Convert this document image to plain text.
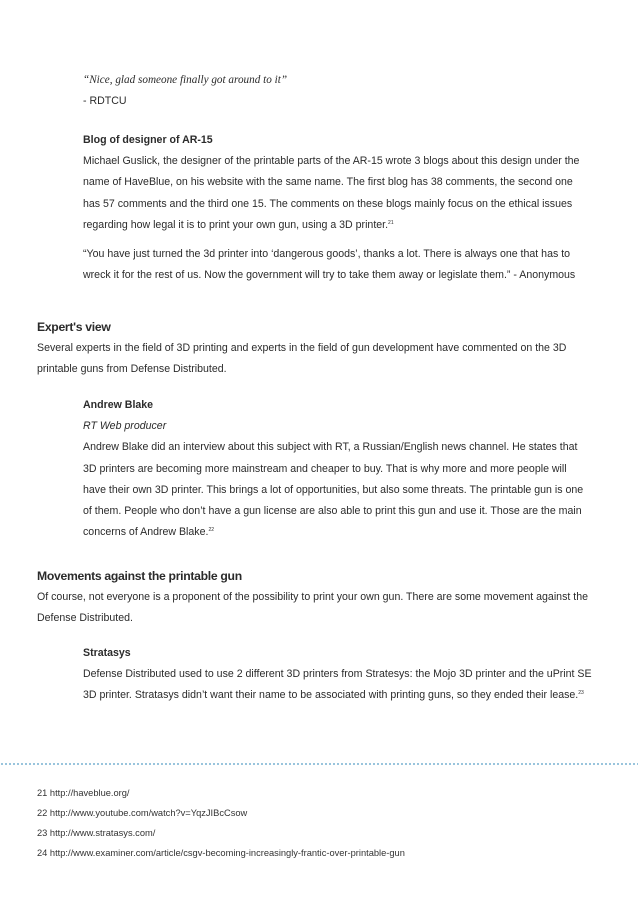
“Nice, glad someone finally got around to it”
- RDTCU
Blog of designer of AR-15
Michael Guslick, the designer of the printable parts of the AR-15 wrote 3 blogs about this design under the
name of HaveBlue, on his website with the same name. The first blog has 38 comments, the second one
has 57 comments and the third one 15. The comments on these blogs mainly focus on the ethical issues
regarding how legal it is to print your own gun, using a 3D printer.$^{21}$
“You have just turned the 3d printer into ‘dangerous goods’, thanks a lot. There is always one that has to
wreck it for the rest of us. Now the government will try to take them away or legislate them.” - Anonymous
Expert's view
Several experts in the field of 3D printing and experts in the field of gun development have commented on the 3D
printable guns from Defense Distributed.
Andrew Blake
RT Web producer
Andrew Blake did an interview about this subject with RT, a Russian/English news channel. He states that
3D printers are becoming more mainstream and cheaper to buy. That is why more and more people will
have their own 3D printer. This brings a lot of opportunities, but also some threats. The printable gun is one
of them. People who don’t have a gun license are also able to print this gun and use it. Those are the main
concerns of Andrew Blake.$^{22}$
Movements against the printable gun
Of course, not everyone is a proponent of the possibility to print your own gun. There are some movement against the
Defense Distributed.
Stratasys
Defense Distributed used to use 2 different 3D printers from Stratesys: the Mojo 3D printer and the uPrint SE
3D printer. Stratasys didn’t want their name to be associated with printing guns, so they ended their lease.$^{23}$
21 http://haveblue.org/
22 http://www.youtube.com/watch?v=YqzJIBcCsow
23 http://www.stratasys.com/
24 http://www.examiner.com/article/csgv-becoming-increasingly-frantic-over-printable-gun
